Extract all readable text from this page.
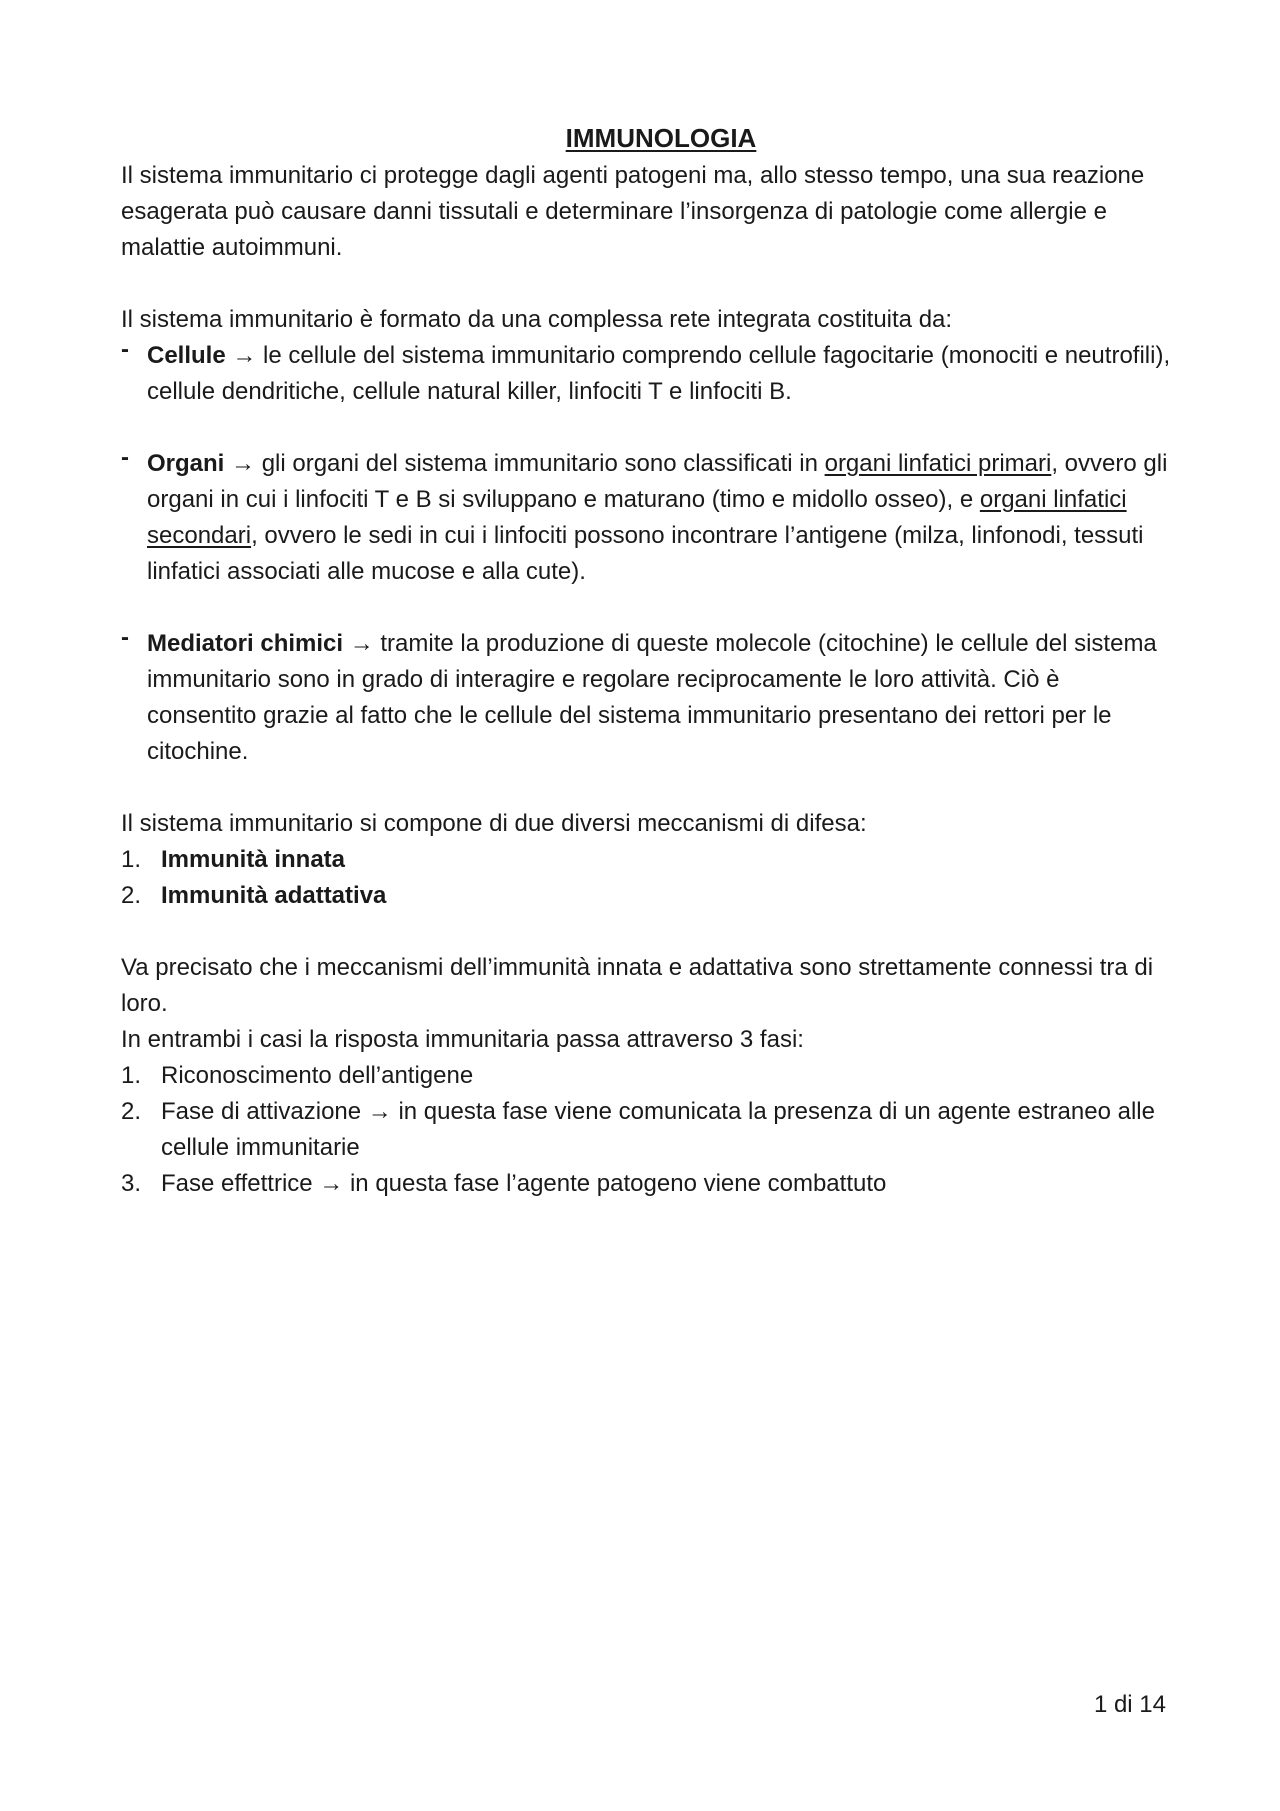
IMMUNOLOGIA

Il sistema immunitario ci protegge dagli agenti patogeni ma, allo stesso tempo, una sua reazione esagerata può causare danni tissutali e determinare l’insorgenza di patologie come allergie e malattie autoimmuni.

Il sistema immunitario è formato da una complessa rete integrata costituita da:

- Cellule → le cellule del sistema immunitario comprendo cellule fagocitarie (monociti e neutrofili), cellule dendritiche, cellule natural killer, linfociti T e linfociti B.
- Organi → gli organi del sistema immunitario sono classificati in organi linfatici primari, ovvero gli organi in cui i linfociti T e B si sviluppano e maturano (timo e midollo osseo), e organi linfatici secondari, ovvero le sedi in cui i linfociti possono incontrare l’antigene (milza, linfonodi, tessuti linfatici associati alle mucose e alla cute).
- Mediatori chimici → tramite la produzione di queste molecole (citochine) le cellule del sistema immunitario sono in grado di interagire e regolare reciprocamente le loro attività. Ciò è consentito grazie al fatto che le cellule del sistema immunitario presentano dei rettori per le citochine.

Il sistema immunitario si compone di due diversi meccanismi di difesa:

1. Immunità innata
2. Immunità adattativa

Va precisato che i meccanismi dell’immunità innata e adattativa sono strettamente connessi tra di loro.

In entrambi i casi la risposta immunitaria passa attraverso 3 fasi:

1. Riconoscimento dell’antigene
2. Fase di attivazione → in questa fase viene comunicata la presenza di un agente estraneo alle cellule immunitarie
3. Fase effettrice → in questa fase l’agente patogeno viene combattuto
1 di 14
